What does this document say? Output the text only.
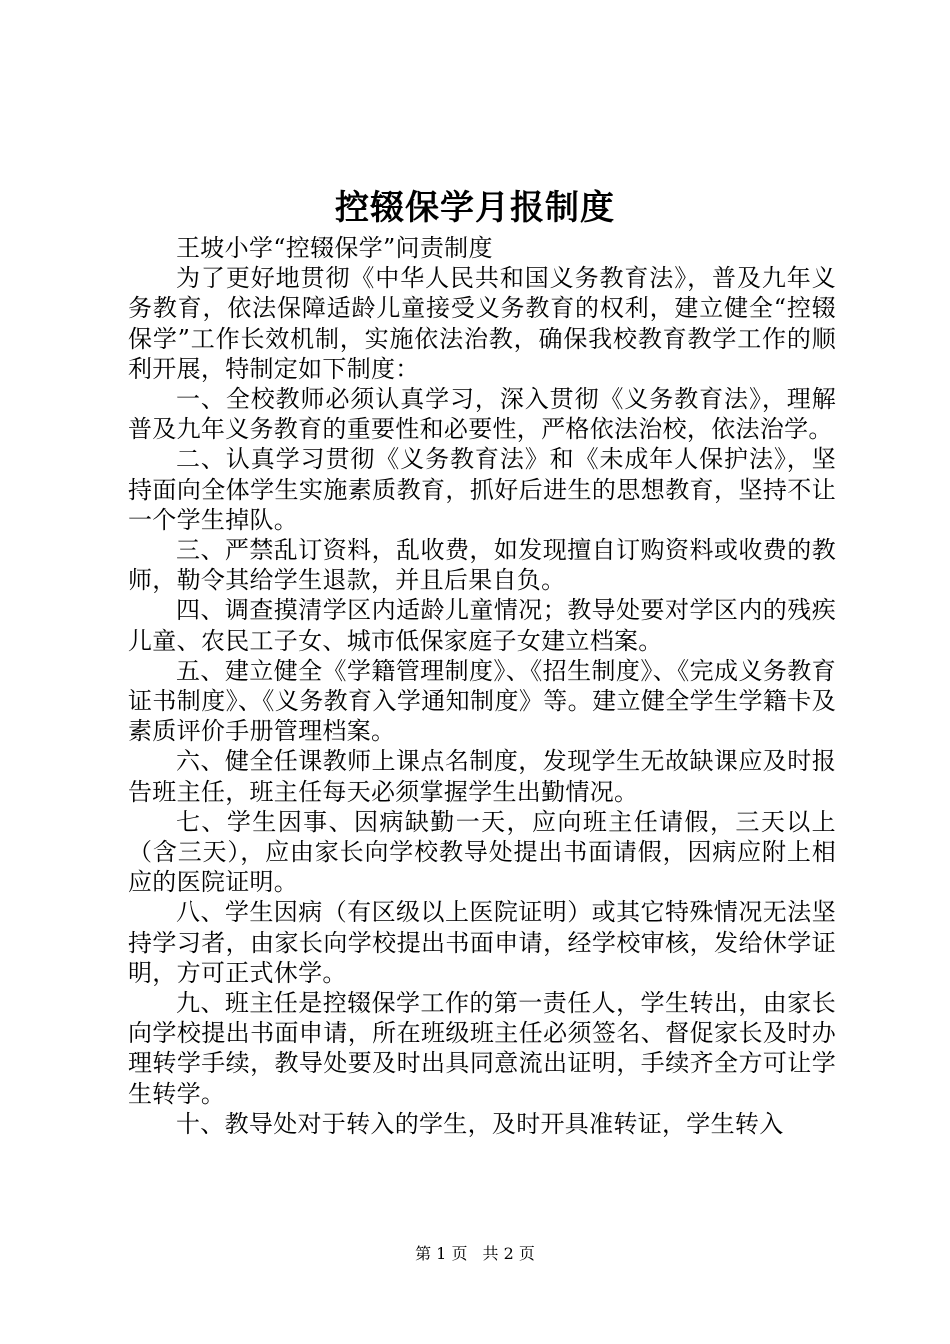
控辍保学月报制度

王坡小学“控辍保学”问责制度

为了更好地贯彻《中华人民共和国义务教育法》，普及九年义务教育，依法保障适龄儿童接受义务教育的权利，建立健全“控辍保学”工作长效机制，实施依法治教，确保我校教育教学工作的顺利开展，特制定如下制度：

一、全校教师必须认真学习，深入贯彻《义务教育法》，理解普及九年义务教育的重要性和必要性，严格依法治校，依法治学。

二、认真学习贯彻《义务教育法》和《未成年人保护法》，坚持面向全体学生实施素质教育，抓好后进生的思想教育，坚持不让一个学生掉队。

三、严禁乱订资料，乱收费，如发现擅自订购资料或收费的教师，勒令其给学生退款，并且后果自负。

四、调查摸清学区内适龄儿童情况；教导处要对学区内的残疾儿童、农民工子女、城市低保家庭子女建立档案。

五、建立健全《学籍管理制度》、《招生制度》、《完成义务教育证书制度》、《义务教育入学通知制度》等。建立健全学生学籍卡及素质评价手册管理档案。

六、健全任课教师上课点名制度，发现学生无故缺课应及时报告班主任，班主任每天必须掌握学生出勤情况。

七、学生因事、因病缺勤一天，应向班主任请假，三天以上（含三天），应由家长向学校教导处提出书面请假，因病应附上相应的医院证明。

八、学生因病（有区级以上医院证明）或其它特殊情况无法坚持学习者，由家长向学校提出书面申请，经学校审核，发给休学证明，方可正式休学。

九、班主任是控辍保学工作的第一责任人，学生转出，由家长向学校提出书面申请，所在班级班主任必须签名、督促家长及时办理转学手续，教导处要及时出具同意流出证明，手续齐全方可让学生转学。

十、教导处对于转入的学生，及时开具准转证，学生转入

第 1 页 共 2 页
